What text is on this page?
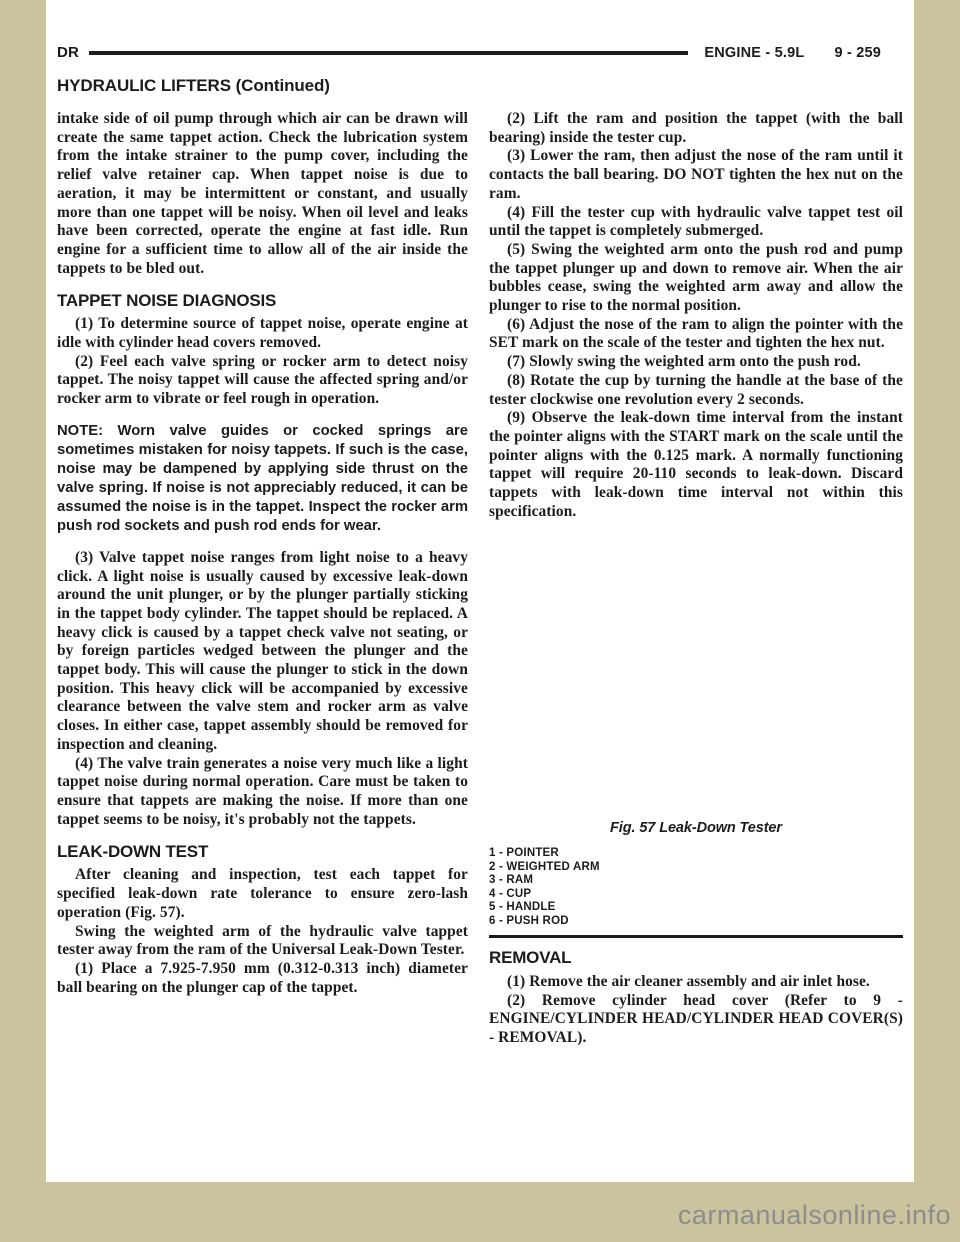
DR	ENGINE - 5.9L 9 - 259
HYDRAULIC LIFTERS (Continued)

intake side of oil pump through which air can be drawn will create the same tappet action. Check the lubrication system from the intake strainer to the pump cover, including the relief valve retainer cap. When tappet noise is due to aeration, it may be intermittent or constant, and usually more than one tappet will be noisy. When oil level and leaks have been corrected, operate the engine at fast idle. Run engine for a sufficient time to allow all of the air inside the tappets to be bled out.

TAPPET NOISE DIAGNOSIS

(1) To determine source of tappet noise, operate engine at idle with cylinder head covers removed.

(2) Feel each valve spring or rocker arm to detect noisy tappet. The noisy tappet will cause the affected spring and/or rocker arm to vibrate or feel rough in operation.

NOTE: Worn valve guides or cocked springs are sometimes mistaken for noisy tappets. If such is the case, noise may be dampened by applying side thrust on the valve spring. If noise is not appreciably reduced, it can be assumed the noise is in the tappet. Inspect the rocker arm push rod sockets and push rod ends for wear.

(3) Valve tappet noise ranges from light noise to a heavy click. A light noise is usually caused by excessive leak-down around the unit plunger, or by the plunger partially sticking in the tappet body cylinder. The tappet should be replaced. A heavy click is caused by a tappet check valve not seating, or by foreign particles wedged between the plunger and the tappet body. This will cause the plunger to stick in the down position. This heavy click will be accompanied by excessive clearance between the valve stem and rocker arm as valve closes. In either case, tappet assembly should be removed for inspection and cleaning.

(4) The valve train generates a noise very much like a light tappet noise during normal operation. Care must be taken to ensure that tappets are making the noise. If more than one tappet seems to be noisy, it's probably not the tappets.

LEAK-DOWN TEST

After cleaning and inspection, test each tappet for specified leak-down rate tolerance to ensure zero-lash operation (Fig. 57).

Swing the weighted arm of the hydraulic valve tappet tester away from the ram of the Universal Leak-Down Tester.

(1) Place a 7.925-7.950 mm (0.312-0.313 inch) diameter ball bearing on the plunger cap of the tappet.

(2) Lift the ram and position the tappet (with the ball bearing) inside the tester cup.

(3) Lower the ram, then adjust the nose of the ram until it contacts the ball bearing. DO NOT tighten the hex nut on the ram.

(4) Fill the tester cup with hydraulic valve tappet test oil until the tappet is completely submerged.

(5) Swing the weighted arm onto the push rod and pump the tappet plunger up and down to remove air. When the air bubbles cease, swing the weighted arm away and allow the plunger to rise to the normal position.

(6) Adjust the nose of the ram to align the pointer with the SET mark on the scale of the tester and tighten the hex nut.

(7) Slowly swing the weighted arm onto the push rod.

(8) Rotate the cup by turning the handle at the base of the tester clockwise one revolution every 2 seconds.

(9) Observe the leak-down time interval from the instant the pointer aligns with the START mark on the scale until the pointer aligns with the 0.125 mark. A normally functioning tappet will require 20-110 seconds to leak-down. Discard tappets with leak-down time interval not within this specification.

Fig. 57 Leak-Down Tester
1 - POINTER
2 - WEIGHTED ARM
3 - RAM
4 - CUP
5 - HANDLE
6 - PUSH ROD
REMOVAL

(1) Remove the air cleaner assembly and air inlet hose.

(2) Remove cylinder head cover (Refer to 9 - ENGINE/CYLINDER HEAD/CYLINDER HEAD COVER(S) - REMOVAL).

carmanualsonline.info
